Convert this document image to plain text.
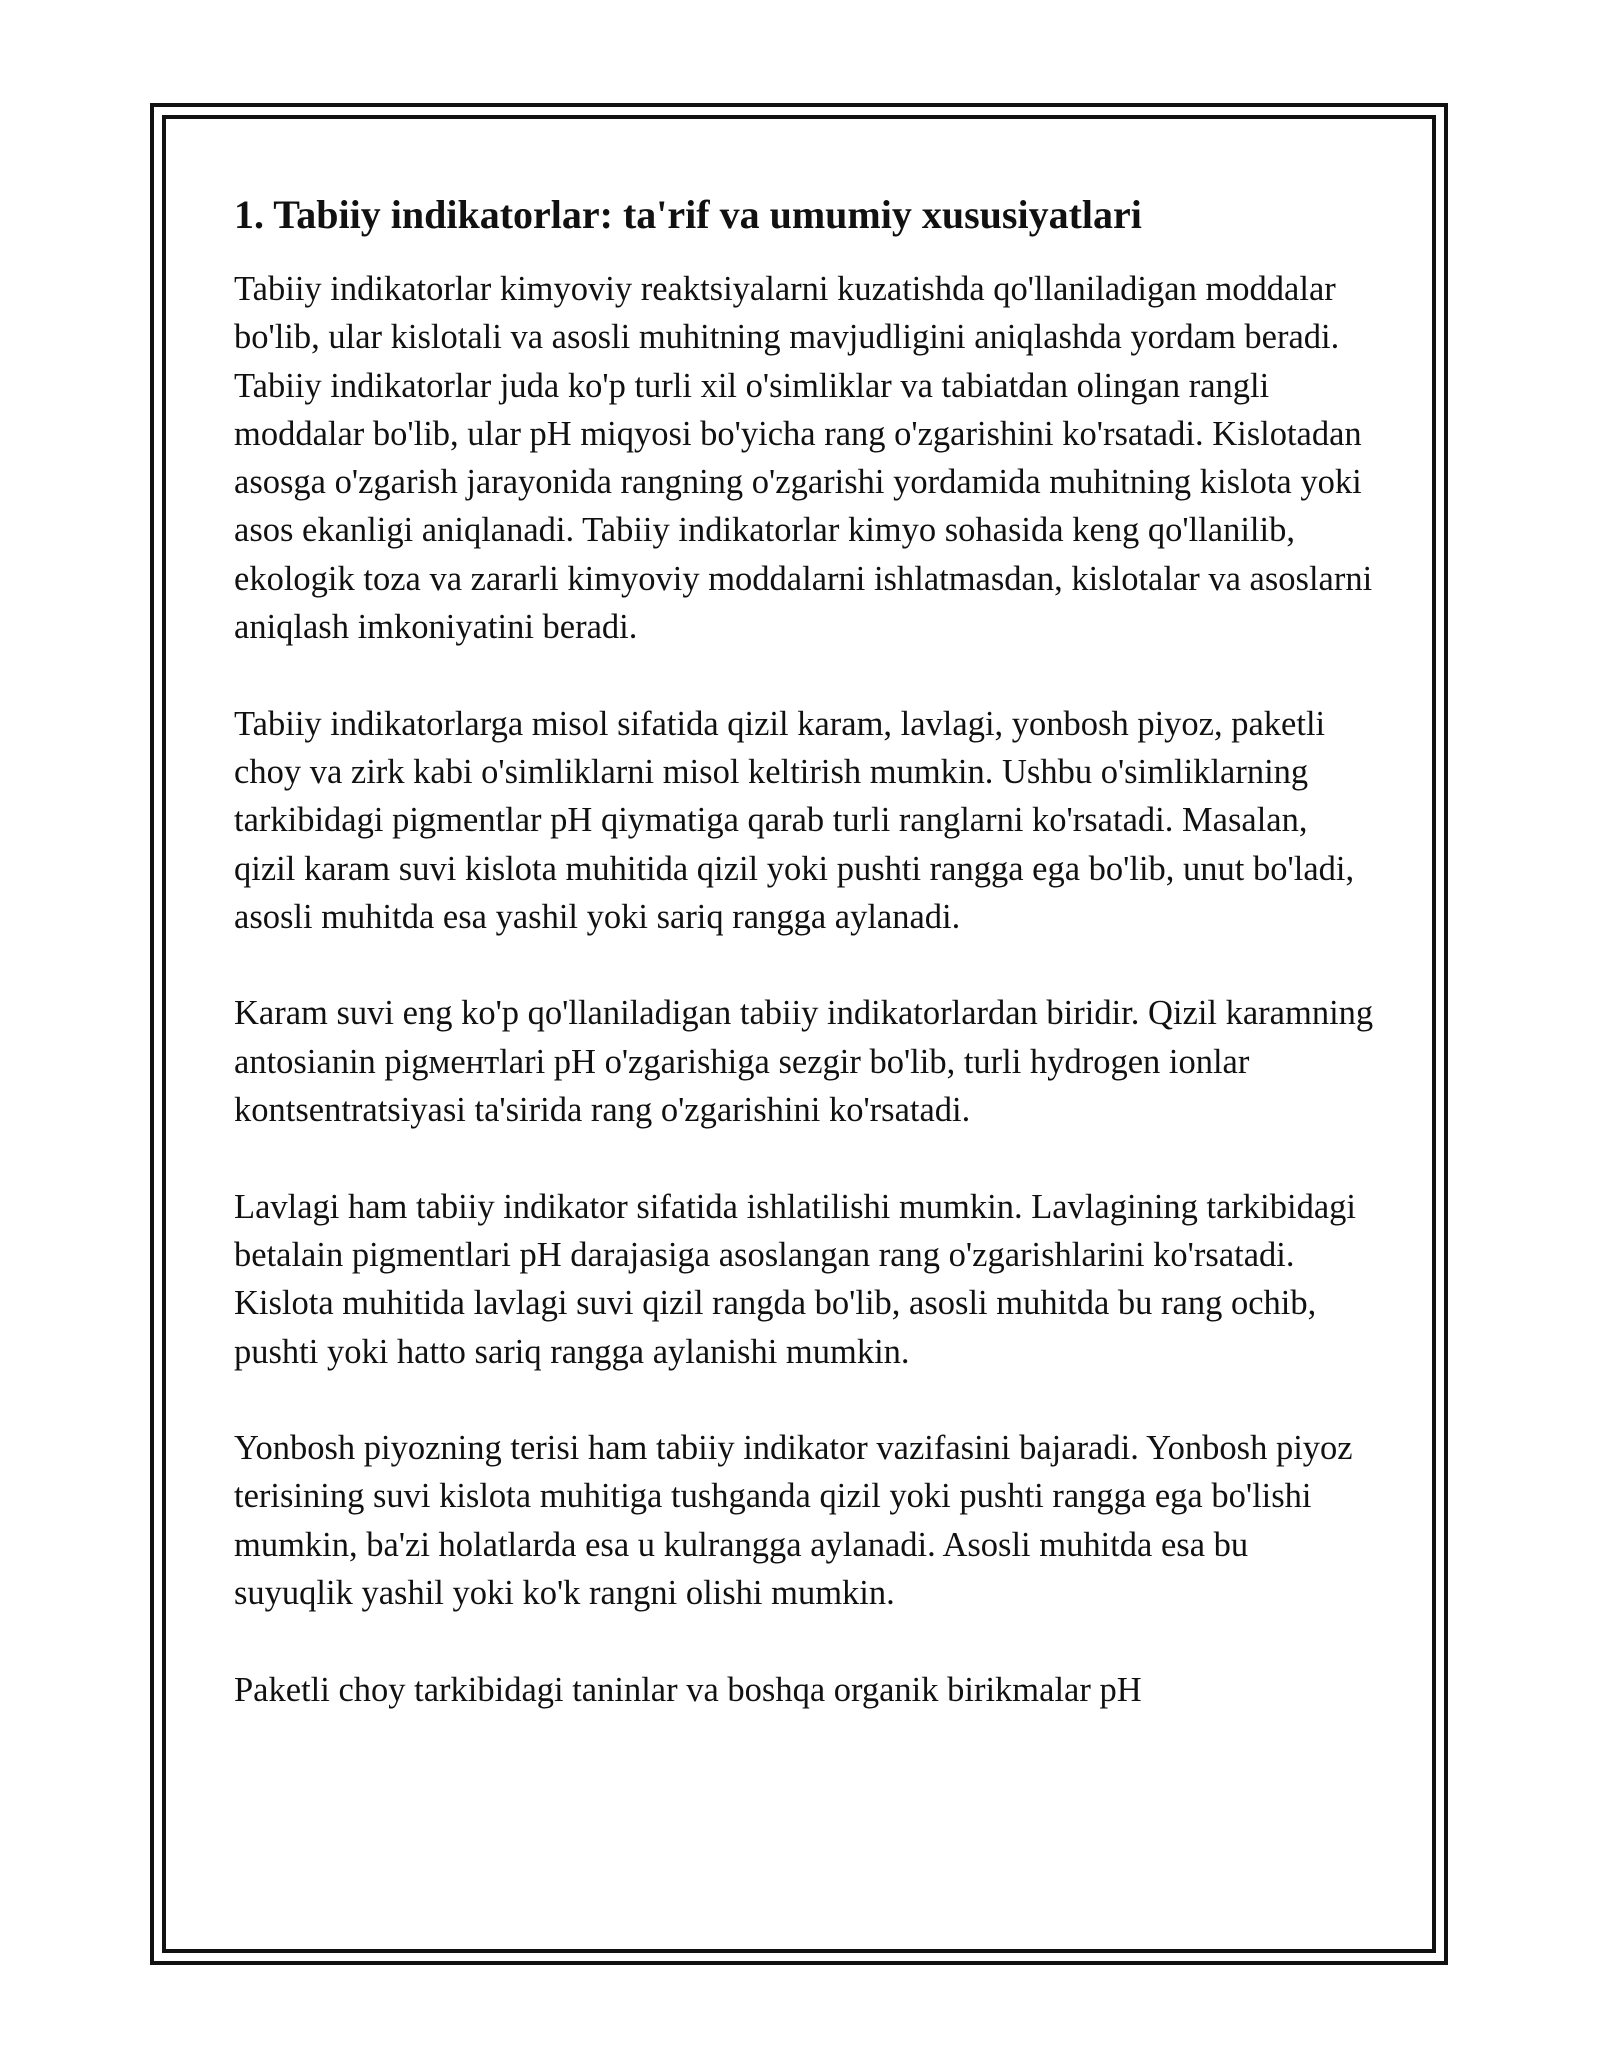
1. Tabiiy indikatorlar: ta'rif va umumiy xususiyatlari

Tabiiy indikatorlar kimyoviy reaktsiyalarni kuzatishda qo'llaniladigan moddalar bo'lib, ular kislotali va asosli muhitning mavjudligini aniqlashda yordam beradi. Tabiiy indikatorlar juda ko'p turli xil o'simliklar va tabiatdan olingan rangli moddalar bo'lib, ular pH miqyosi bo'yicha rang o'zgarishini ko'rsatadi. Kislotadan asosga o'zgarish jarayonida rangning o'zgarishi yordamida muhitning kislota yoki asos ekanligi aniqlanadi. Tabiiy indikatorlar kimyo sohasida keng qo'llanilib, ekologik toza va zararli kimyoviy moddalarni ishlatmasdan, kislotalar va asoslarni aniqlash imkoniyatini beradi.

Tabiiy indikatorlarga misol sifatida qizil karam, lavlagi, yonbosh piyoz, paketli choy va zirk kabi o'simliklarni misol keltirish mumkin. Ushbu o'simliklarning tarkibidagi pigmentlar pH qiymatiga qarab turli ranglarni ko'rsatadi. Masalan, qizil karam suvi kislota muhitida qizil yoki pushti rangga ega bo'lib, unut bo'ladi, asosli muhitda esa yashil yoki sariq rangga aylanadi.

Karam suvi eng ko'p qo'llaniladigan tabiiy indikatorlardan biridir. Qizil karamning antosianin pigментlari pH o'zgarishiga sezgir bo'lib, turli hydrogen ionlar kontsentratsiyasi ta'sirida rang o'zgarishini ko'rsatadi.

Lavlagi ham tabiiy indikator sifatida ishlatilishi mumkin. Lavlagining tarkibidagi betalain pigmentlari pH darajasiga asoslangan rang o'zgarishlarini ko'rsatadi. Kislota muhitida lavlagi suvi qizil rangda bo'lib, asosli muhitda bu rang ochib, pushti yoki hatto sariq rangga aylanishi mumkin.

Yonbosh piyozning terisi ham tabiiy indikator vazifasini bajaradi. Yonbosh piyoz terisining suvi kislota muhitiga tushganda qizil yoki pushti rangga ega bo'lishi mumkin, ba'zi holatlarda esa u kulrangga aylanadi. Asosli muhitda esa bu suyuqlik yashil yoki ko'k rangni olishi mumkin.

Paketli choy tarkibidagi taninlar va boshqa organik birikmalar pH
